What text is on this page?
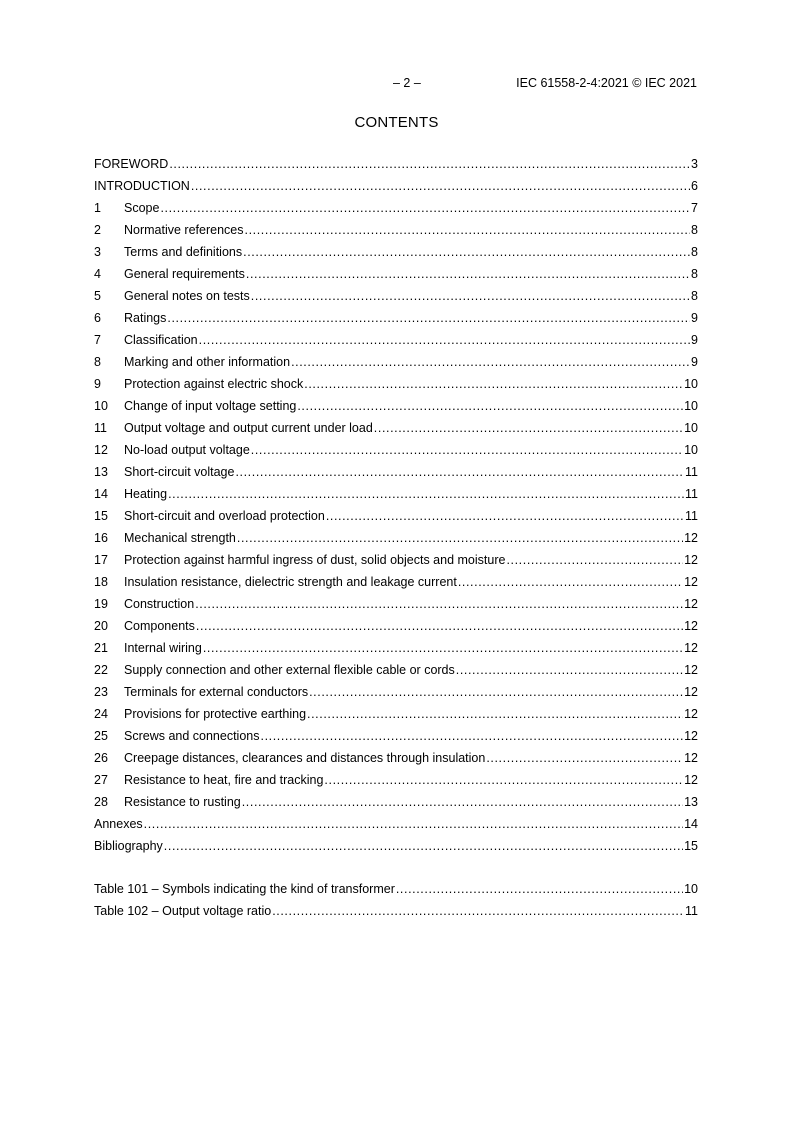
– 2 –	IEC 61558-2-4:2021 © IEC 2021
CONTENTS
FOREWORD .....	3
INTRODUCTION .....	6
1	Scope .....	7
2	Normative references .....	8
3	Terms and definitions .....	8
4	General requirements .....	8
5	General notes on tests .....	8
6	Ratings .....	9
7	Classification .....	9
8	Marking and other information .....	9
9	Protection against electric shock .....	10
10	Change of input voltage setting .....	10
11	Output voltage and output current under load .....	10
12	No-load output voltage .....	10
13	Short-circuit voltage .....	11
14	Heating .....	11
15	Short-circuit and overload protection .....	11
16	Mechanical strength .....	12
17	Protection against harmful ingress of dust, solid objects and moisture .....	12
18	Insulation resistance, dielectric strength and leakage current .....	12
19	Construction .....	12
20	Components .....	12
21	Internal wiring .....	12
22	Supply connection and other external flexible cable or cords .....	12
23	Terminals for external conductors .....	12
24	Provisions for protective earthing .....	12
25	Screws and connections .....	12
26	Creepage distances, clearances and distances through insulation .....	12
27	Resistance to heat, fire and tracking .....	12
28	Resistance to rusting .....	13
Annexes .....	14
Bibliography .....	15
Table 101 – Symbols indicating the kind of transformer .....	10
Table 102 – Output voltage ratio .....	11
